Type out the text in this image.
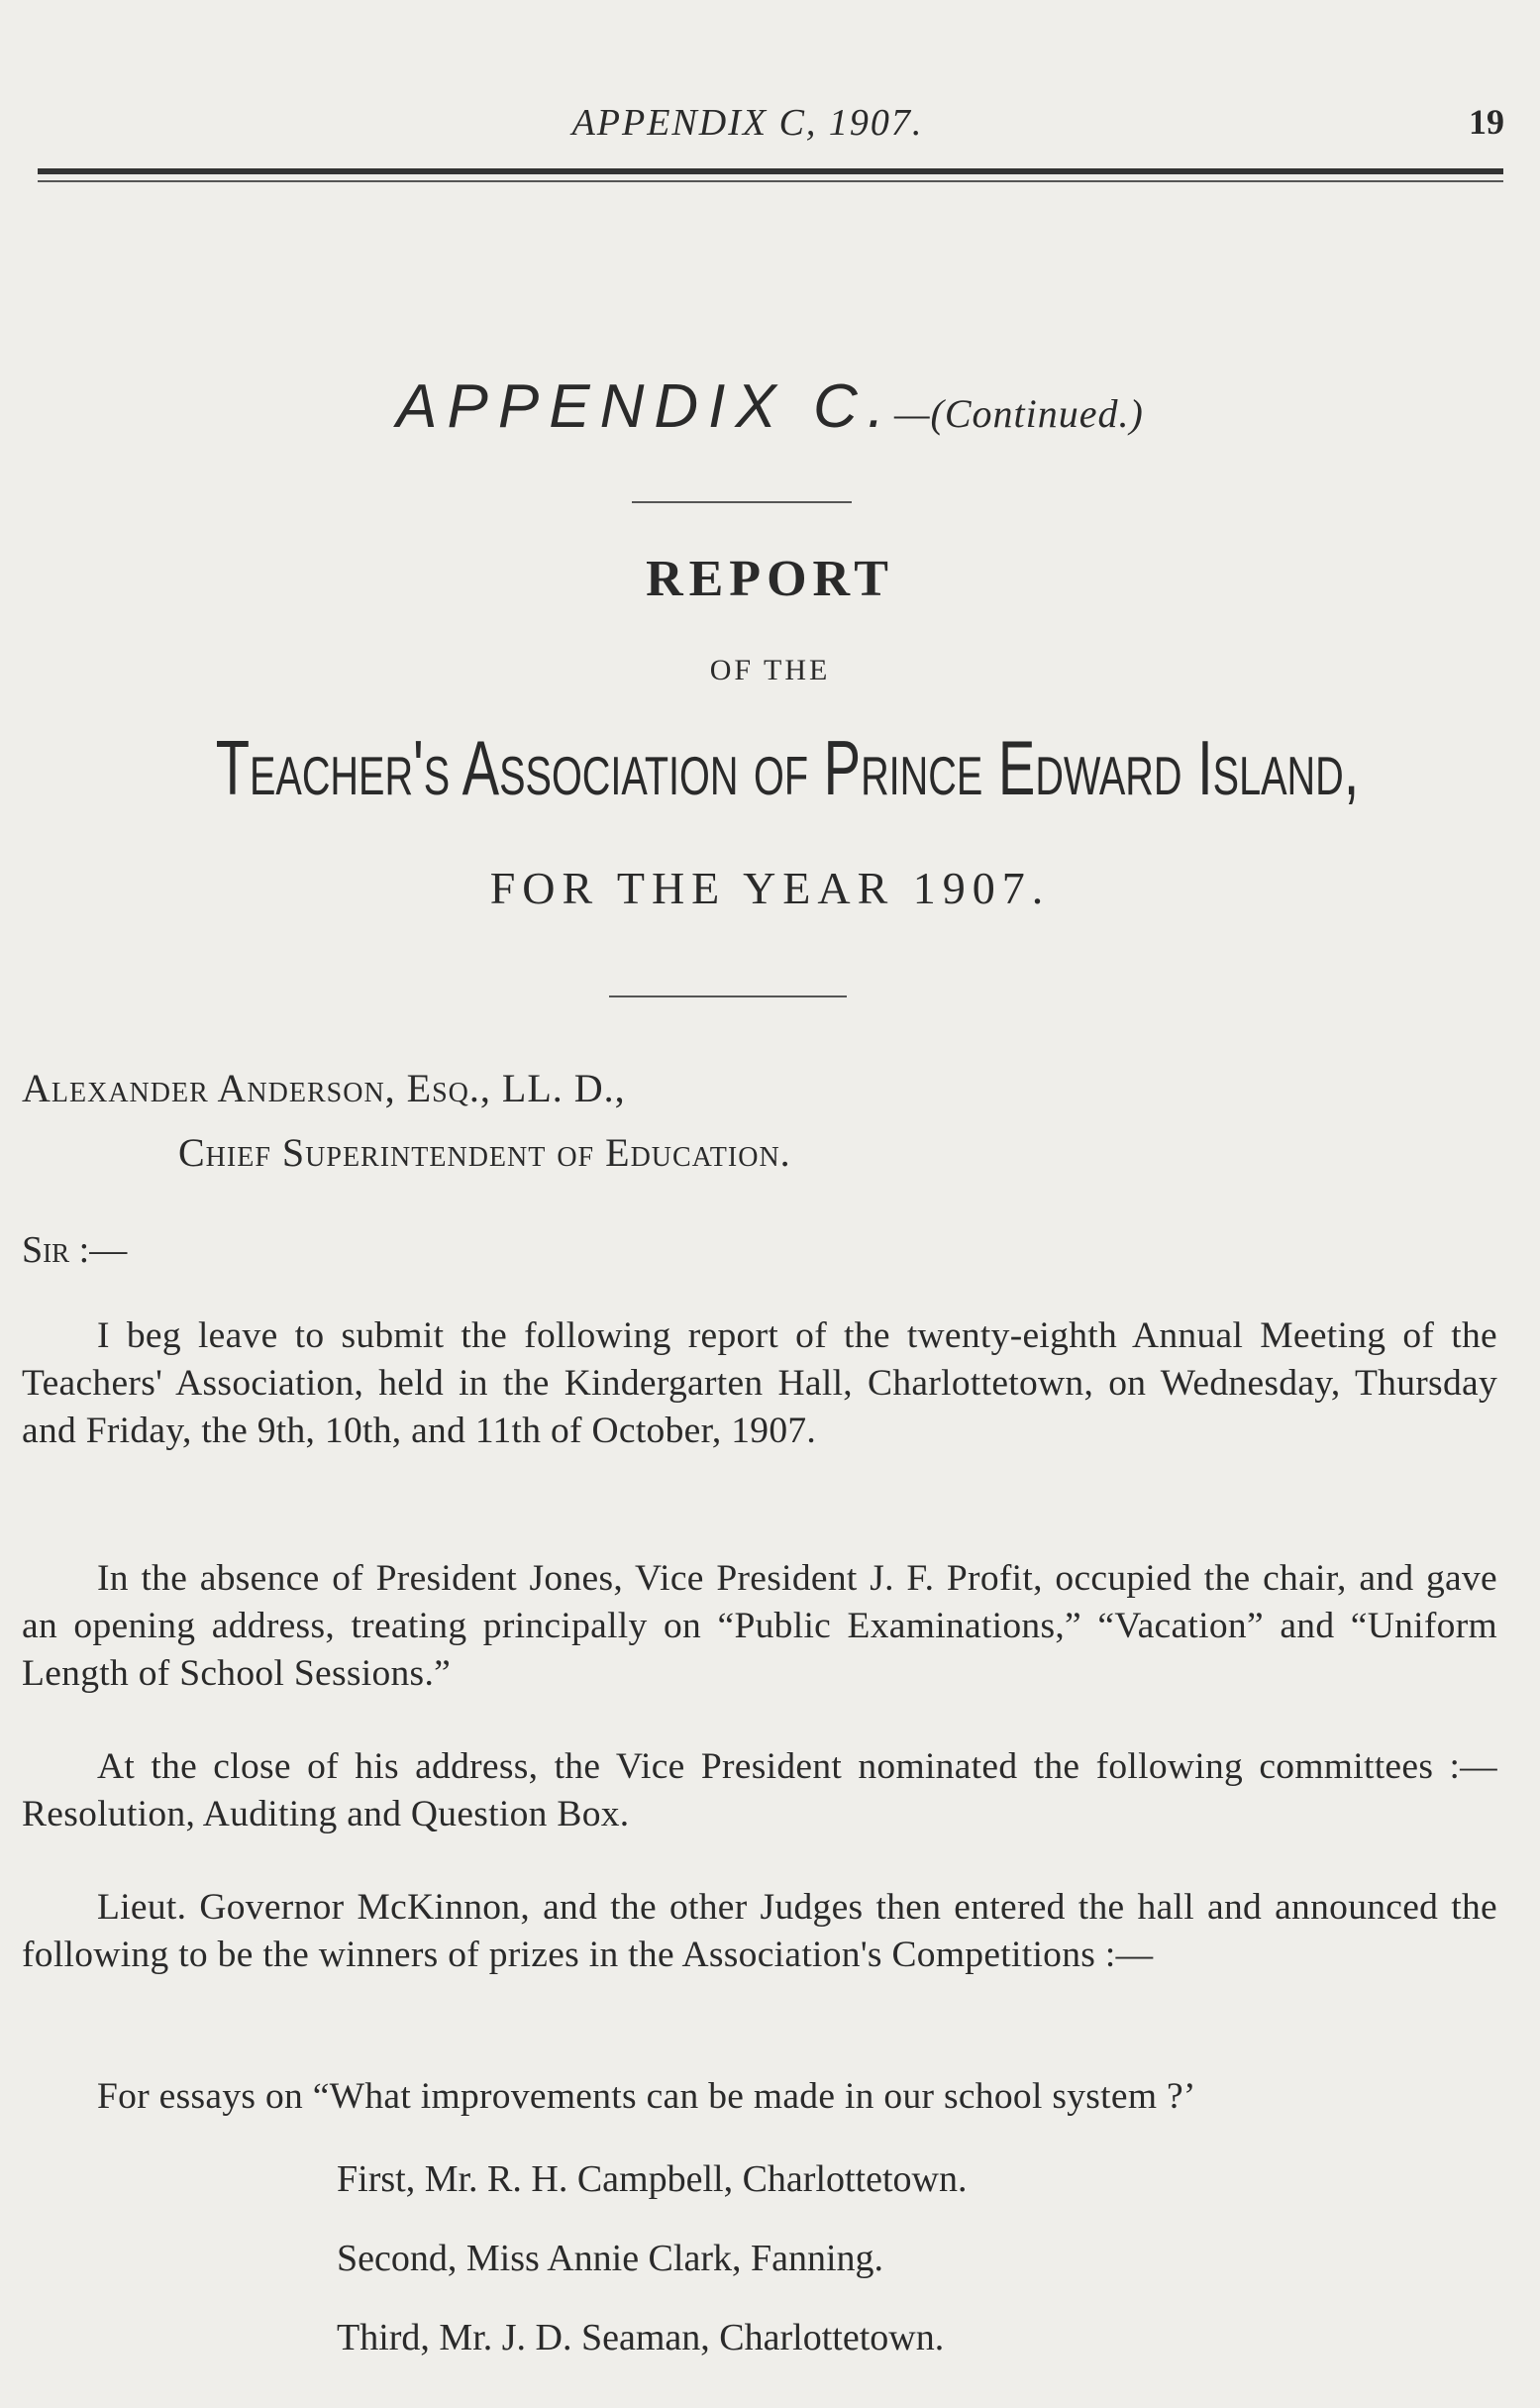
APPENDIX C, 1907.	19
APPENDIX C.—(Continued.)
REPORT
OF THE
Teacher's Association of Prince Edward Island,
FOR THE YEAR 1907.
Alexander Anderson, Esq., LL. D.,
Chief Superintendent of Education.
Sir :—
I beg leave to submit the following report of the twenty-eighth Annual Meeting of the Teachers' Association, held in the Kindergarten Hall, Charlottetown, on Wednesday, Thursday and Friday, the 9th, 10th, and 11th of October, 1907.
In the absence of President Jones, Vice President J. F. Profit, occupied the chair, and gave an opening address, treating principally on “Public Examinations,” “Vacation” and “Uniform Length of School Sessions.”
At the close of his address, the Vice President nominated the following committees :—Resolution, Auditing and Question Box.
Lieut. Governor McKinnon, and the other Judges then entered the hall and announced the following to be the winners of prizes in the Association's Competitions :—
For essays on “What improvements can be made in our school system ?’
First, Mr. R. H. Campbell, Charlottetown.
Second, Miss Annie Clark, Fanning.
Third, Mr. J. D. Seaman, Charlottetown.
